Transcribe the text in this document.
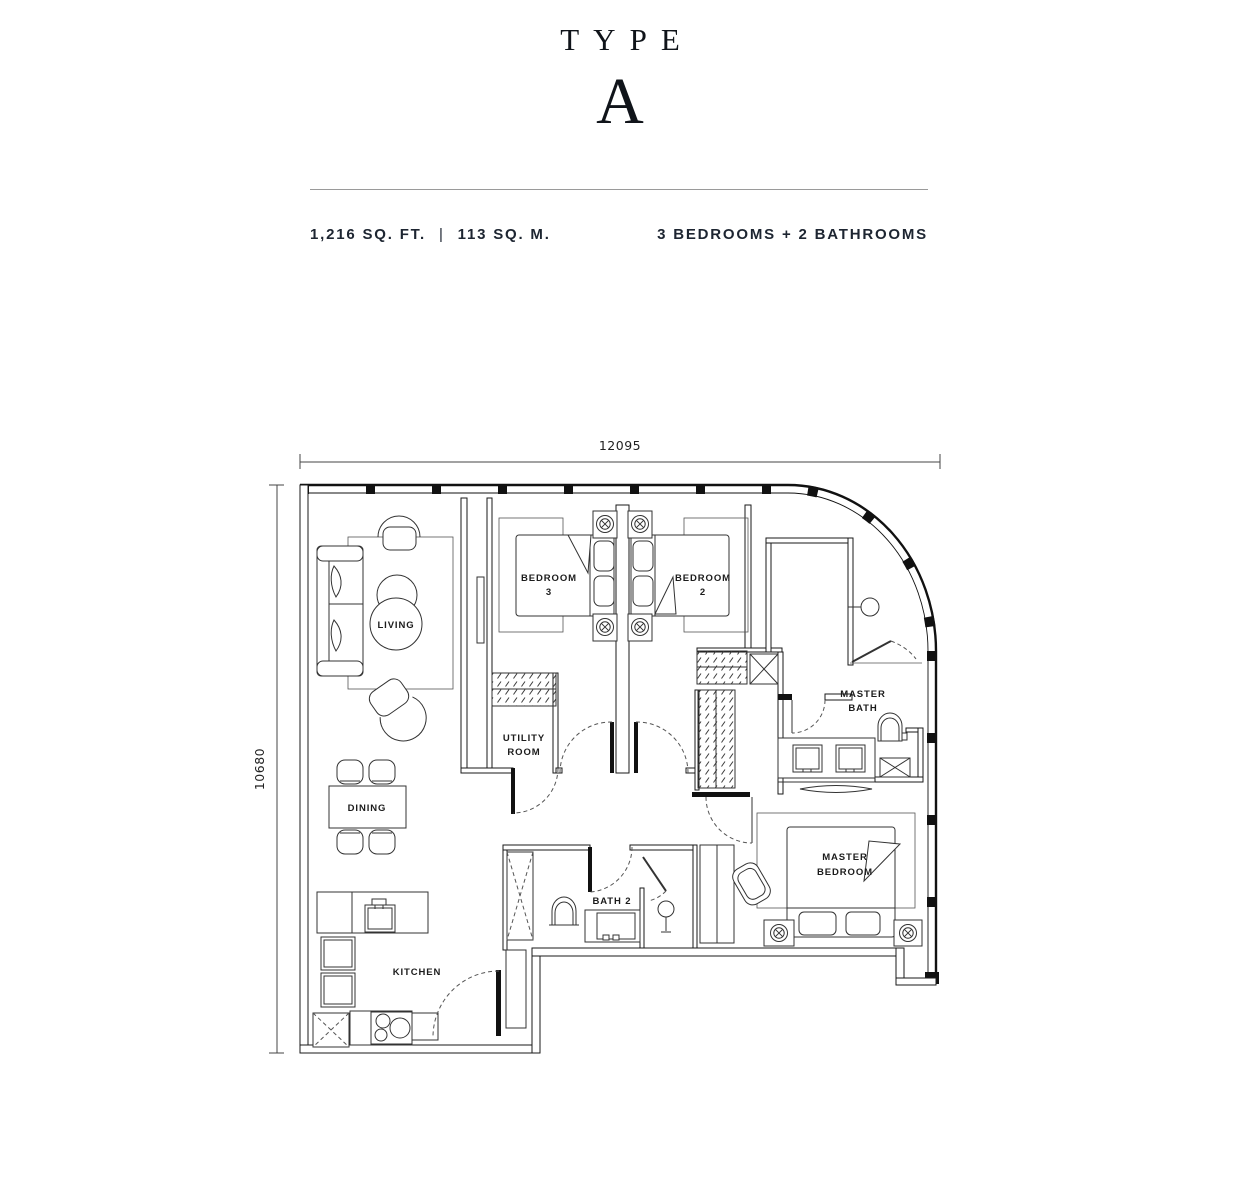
TYPE
A
1,216 SQ. FT. | 113 SQ. M.	3 BEDROOMS + 2 BATHROOMS
12095
10680
LIVING
DINING
KITCHEN
BEDROOM
3
BEDROOM
2
UTILITY
ROOM
MASTER
BATH
MASTER
BEDROOM
BATH 2
